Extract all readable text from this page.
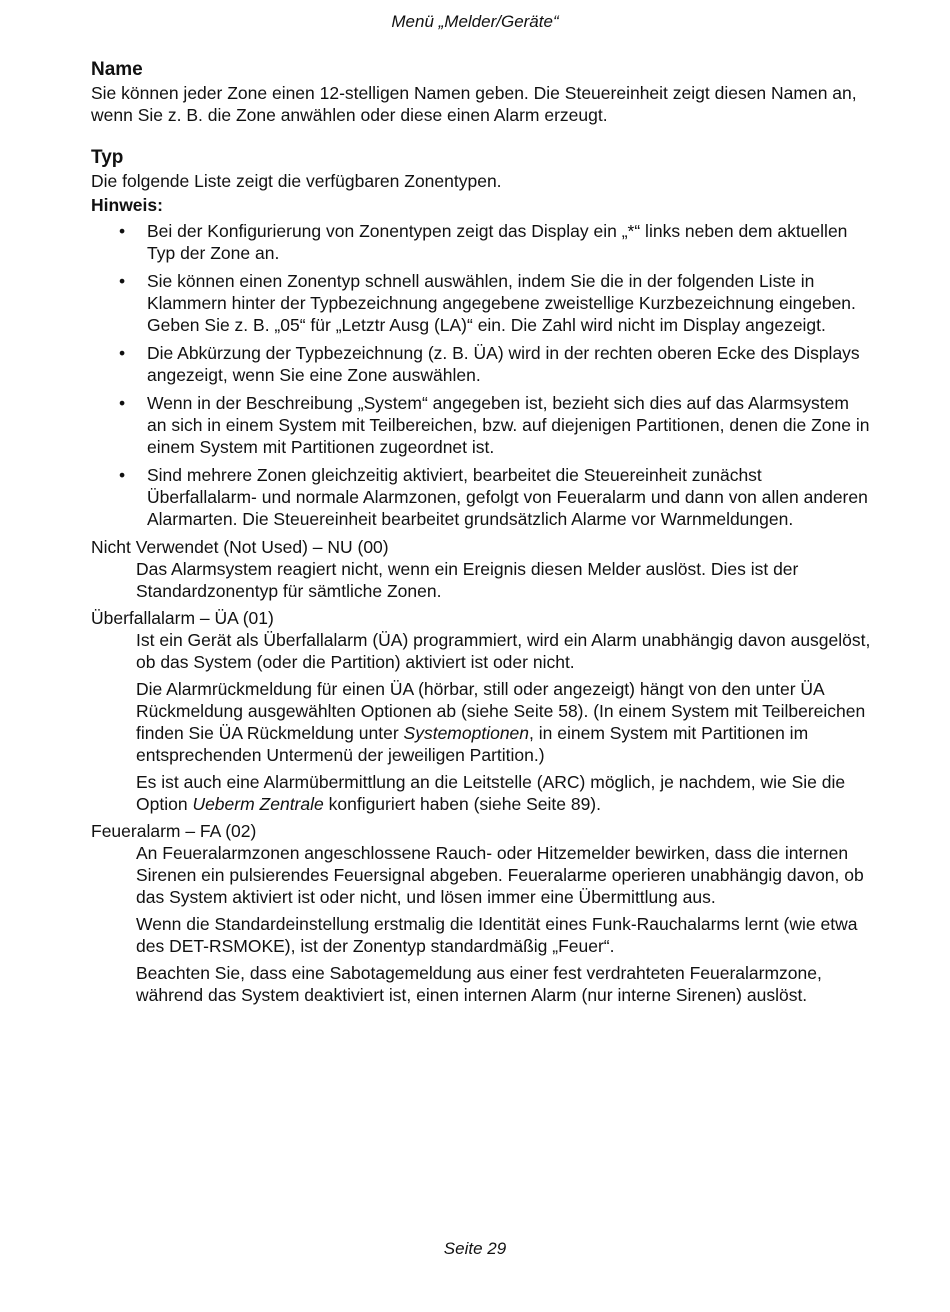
Menü „Melder/Geräte“
Name

Sie können jeder Zone einen 12-stelligen Namen geben. Die Steuereinheit zeigt diesen Namen an, wenn Sie z. B. die Zone anwählen oder diese einen Alarm erzeugt.

Typ

Die folgende Liste zeigt die verfügbaren Zonentypen.

Hinweis:

• Bei der Konfigurierung von Zonentypen zeigt das Display ein „*“ links neben dem aktuellen Typ der Zone an.
• Sie können einen Zonentyp schnell auswählen, indem Sie die in der folgenden Liste in Klammern hinter der Typbezeichnung angegebene zweistellige Kurzbezeichnung eingeben. Geben Sie z. B. „05“ für „Letztr Ausg (LA)“ ein. Die Zahl wird nicht im Display angezeigt.
• Die Abkürzung der Typbezeichnung (z. B. ÜA) wird in der rechten oberen Ecke des Displays angezeigt, wenn Sie eine Zone auswählen.
• Wenn in der Beschreibung „System“ angegeben ist, bezieht sich dies auf das Alarmsystem an sich in einem System mit Teilbereichen, bzw. auf diejenigen Partitionen, denen die Zone in einem System mit Partitionen zugeordnet ist.
• Sind mehrere Zonen gleichzeitig aktiviert, bearbeitet die Steuereinheit zunächst Überfallalarm- und normale Alarmzonen, gefolgt von Feueralarm und dann von allen anderen Alarmarten. Die Steuereinheit bearbeitet grundsätzlich Alarme vor Warnmeldungen.

Nicht Verwendet (Not Used) – NU (00)

Das Alarmsystem reagiert nicht, wenn ein Ereignis diesen Melder auslöst. Dies ist der Standardzonentyp für sämtliche Zonen.

Überfallalarm – ÜA (01)

Ist ein Gerät als Überfallalarm (ÜA) programmiert, wird ein Alarm unabhängig davon ausgelöst, ob das System (oder die Partition) aktiviert ist oder nicht.

Die Alarmrückmeldung für einen ÜA (hörbar, still oder angezeigt) hängt von den unter ÜA Rückmeldung ausgewählten Optionen ab (siehe Seite 58). (In einem System mit Teilbereichen finden Sie ÜA Rückmeldung unter Systemoptionen, in einem System mit Partitionen im entsprechenden Untermenü der jeweiligen Partition.)

Es ist auch eine Alarmübermittlung an die Leitstelle (ARC) möglich, je nachdem, wie Sie die Option Ueberm Zentrale konfiguriert haben (siehe Seite 89).

Feueralarm – FA (02)

An Feueralarmzonen angeschlossene Rauch- oder Hitzemelder bewirken, dass die internen Sirenen ein pulsierendes Feuersignal abgeben. Feueralarme operieren unabhängig davon, ob das System aktiviert ist oder nicht, und lösen immer eine Übermittlung aus.

Wenn die Standardeinstellung erstmalig die Identität eines Funk-Rauchalarms lernt (wie etwa des DET-RSMOKE), ist der Zonentyp standardmäßig „Feuer“.

Beachten Sie, dass eine Sabotagemeldung aus einer fest verdrahteten Feueralarmzone, während das System deaktiviert ist, einen internen Alarm (nur interne Sirenen) auslöst.

Seite 29
